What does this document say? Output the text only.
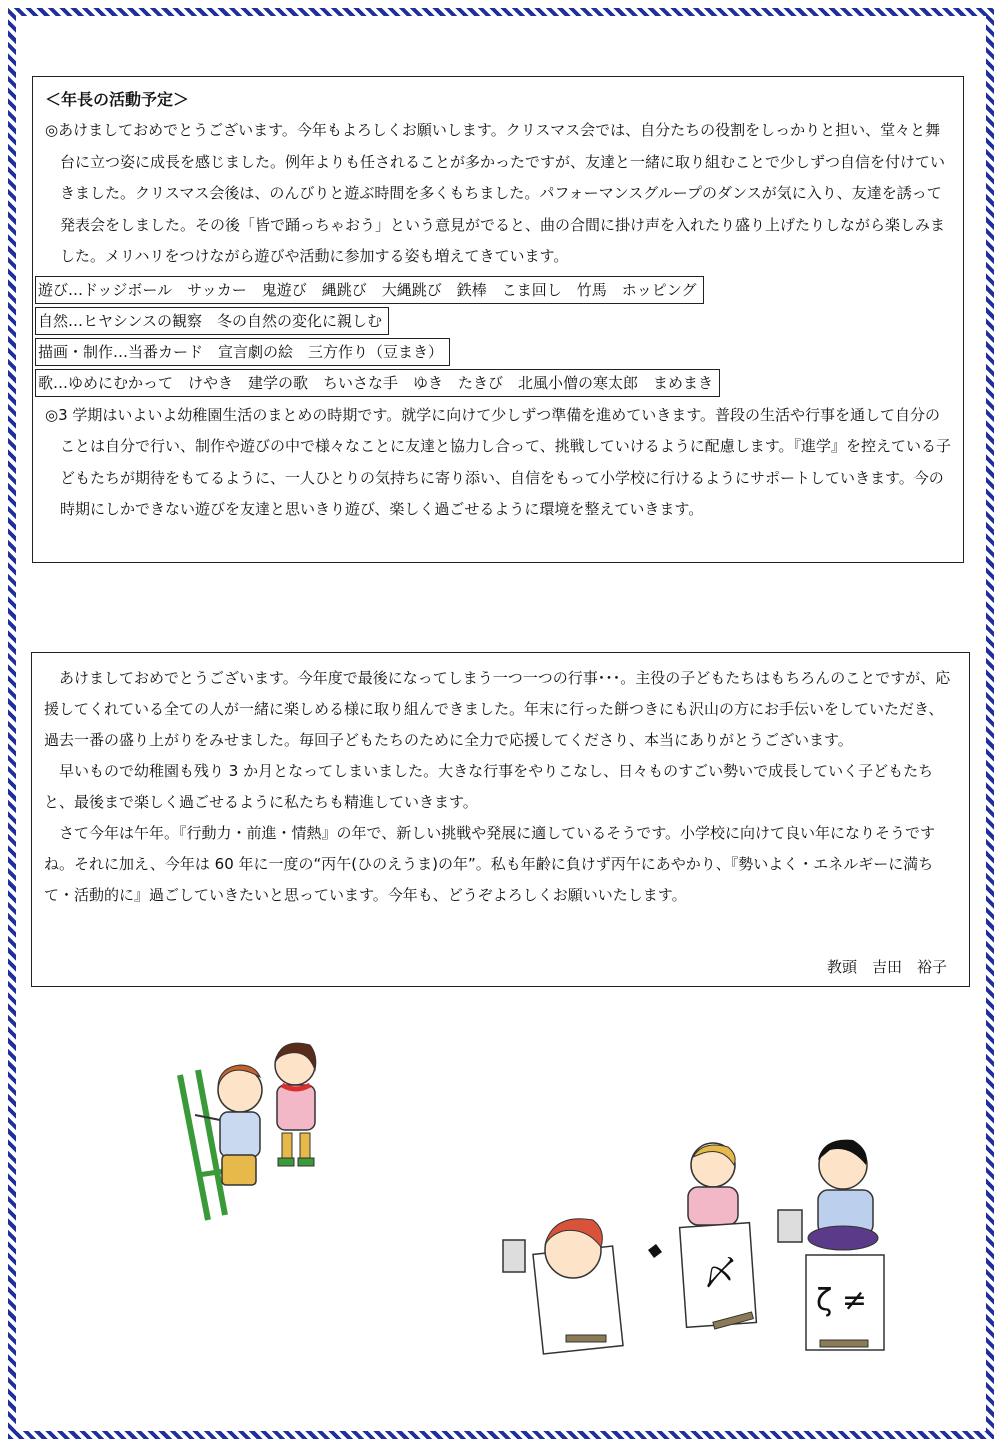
＜年長の活動予定＞

◎あけましておめでとうございます。今年もよろしくお願いします。クリスマス会では、自分たちの役割をしっかりと担い、堂々と舞台に立つ姿に成長を感じました。例年よりも任されることが多かったですが、友達と一緒に取り組むことで少しずつ自信を付けていきました。クリスマス会後は、のんびりと遊ぶ時間を多くもちました。パフォーマンスグループのダンスが気に入り、友達を誘って発表会をしました。その後「皆で踊っちゃおう」という意見がでると、曲の合間に掛け声を入れたり盛り上げたりしながら楽しみました。メリハリをつけながら遊びや活動に参加する姿も増えてきています。

遊び…ドッジボール　サッカー　鬼遊び　縄跳び　大縄跳び　鉄棒　こま回し　竹馬　ホッピング
自然…ヒヤシンスの観察　冬の自然の変化に親しむ
描画・制作…当番カード　宣言劇の絵　三方作り（豆まき）
歌…ゆめにむかって　けやき　建学の歌　ちいさな手　ゆき　たきび　北風小僧の寒太郎　まめまき

◎3 学期はいよいよ幼稚園生活のまとめの時期です。就学に向けて少しずつ準備を進めていきます。普段の生活や行事を通して自分のことは自分で行い、制作や遊びの中で様々なことに友達と協力し合って、挑戦していけるように配慮します。『進学』を控えている子どもたちが期待をもてるように、一人ひとりの気持ちに寄り添い、自信をもって小学校に行けるようにサポートしていきます。今の時期にしかできない遊びを友達と思いきり遊び、楽しく過ごせるように環境を整えていきます。

あけましておめでとうございます。今年度で最後になってしまう一つ一つの行事･･･。主役の子どもたちはもちろんのことですが、応援してくれている全ての人が一緒に楽しめる様に取り組んできました。年末に行った餅つきにも沢山の方にお手伝いをしていただき、過去一番の盛り上がりをみせました。毎回子どもたちのために全力で応援してくださり、本当にありがとうございます。

早いもので幼稚園も残り 3 か月となってしまいました。大きな行事をやりこなし、日々ものすごい勢いで成長していく子どもたちと、最後まで楽しく過ごせるように私たちも精進していきます。

さて今年は午年。『行動力・前進・情熱』の年で、新しい挑戦や発展に適しているそうです。小学校に向けて良い年になりそうですね。それに加え、今年は 60 年に一度の“丙午(ひのえうま)の年”。私も年齢に負けず丙午にあやかり、『勢いよく・エネルギーに満ちて・活動的に』過ごしていきたいと思っています。今年も、どうぞよろしくお願いいたします。

教頭　吉田　裕子
〆
ζ ≠
